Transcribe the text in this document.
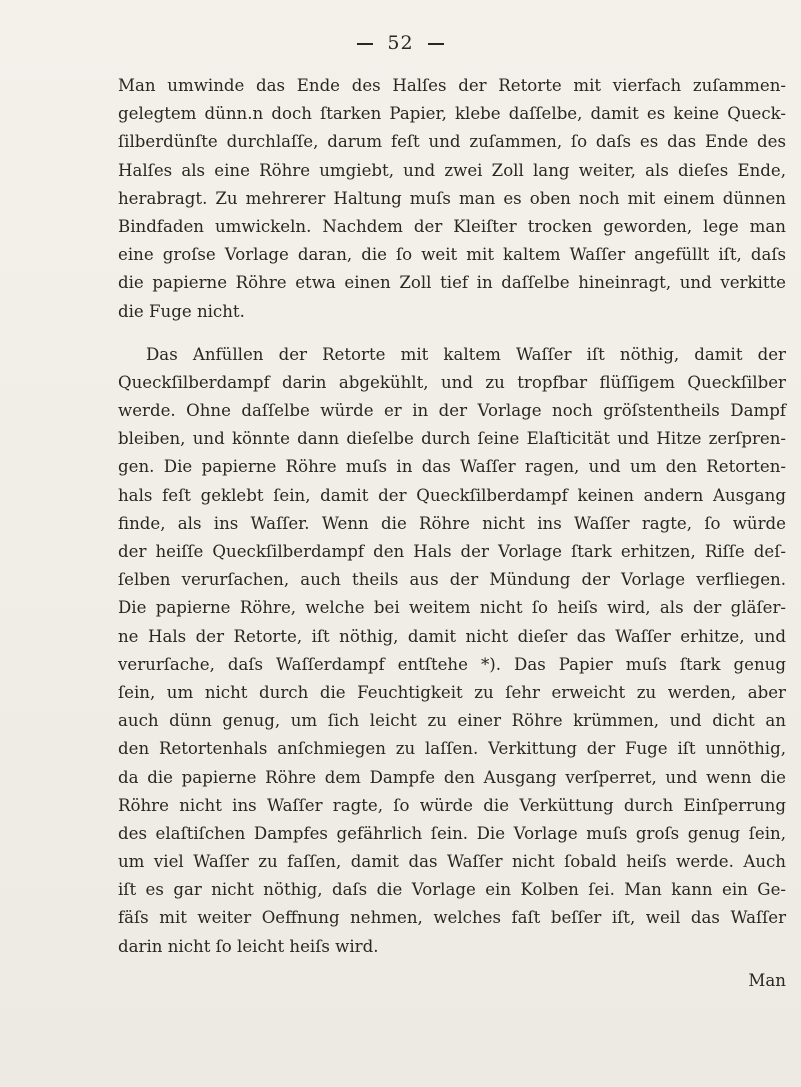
52
Man umwinde das Ende des Halſes der Retorte mit vierfach zuſammen-
gelegtem dünn.n doch ſtarken Papier, klebe daſſelbe, damit es keine Queck-
ſilberdünſte durchlaſſe, darum feſt und zuſammen, ſo daſs es das Ende des
Halſes als eine Röhre umgiebt, und zwei Zoll lang weiter, als dieſes Ende,
herabragt. Zu mehrerer Haltung muſs man es oben noch mit einem dünnen
Bindfaden umwickeln. Nachdem der Kleiſter trocken geworden, lege man
eine groſse Vorlage daran, die ſo weit mit kaltem Waſſer angefüllt iſt, daſs
die papierne Röhre etwa einen Zoll tief in daſſelbe hineinragt, und verkitte
die Fuge nicht.
Das Anfüllen der Retorte mit kaltem Waſſer iſt nöthig, damit der
Queckſilberdampf darin abgekühlt, und zu tropfbar flüſſigem Queckſilber
werde. Ohne daſſelbe würde er in der Vorlage noch gröſstentheils Dampf
bleiben, und könnte dann dieſelbe durch ſeine Elaſticität und Hitze zerſpren-
gen. Die papierne Röhre muſs in das Waſſer ragen, und um den Retorten-
hals feſt geklebt ſein, damit der Queckſilberdampf keinen andern Ausgang
finde, als ins Waſſer. Wenn die Röhre nicht ins Waſſer ragte, ſo würde
der heiſſe Queckſilberdampf den Hals der Vorlage ſtark erhitzen, Riſſe deſ-
ſelben verurſachen, auch theils aus der Mündung der Vorlage verfliegen.
Die papierne Röhre, welche bei weitem nicht ſo heiſs wird, als der gläſer-
ne Hals der Retorte, iſt nöthig, damit nicht dieſer das Waſſer erhitze, und
verurſache, daſs Waſſerdampf entſtehe *). Das Papier muſs ſtark genug
ſein, um nicht durch die Feuchtigkeit zu ſehr erweicht zu werden, aber
auch dünn genug, um ſich leicht zu einer Röhre krümmen, und dicht an
den Retortenhals anſchmiegen zu laſſen. Verkittung der Fuge iſt unnöthig,
da die papierne Röhre dem Dampfe den Ausgang verſperret, und wenn die
Röhre nicht ins Waſſer ragte, ſo würde die Verküttung durch Einſperrung
des elaſtiſchen Dampfes gefährlich ſein. Die Vorlage muſs groſs genug ſein,
um viel Waſſer zu faſſen, damit das Waſſer nicht ſobald heiſs werde. Auch
iſt es gar nicht nöthig, daſs die Vorlage ein Kolben ſei. Man kann ein Ge-
fäſs mit weiter Oeffnung nehmen, welches faſt beſſer iſt, weil das Waſſer
darin nicht ſo leicht heiſs wird.
Man
